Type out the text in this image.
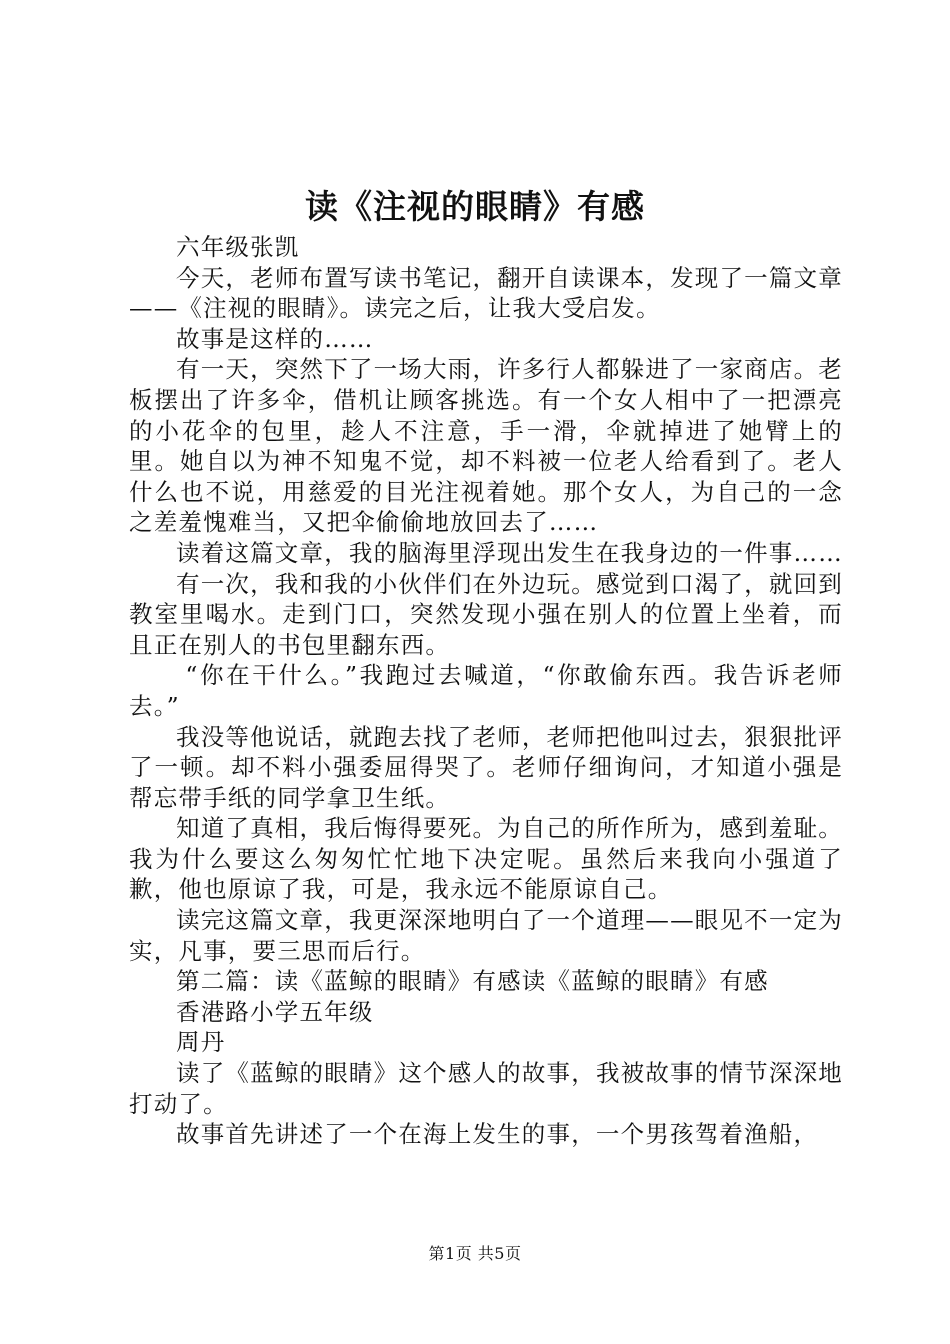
读《注视的眼睛》有感

六年级张凯

今天，老师布置写读书笔记，翻开自读课本，发现了一篇文章——《注视的眼睛》。读完之后，让我大受启发。

故事是这样的……

有一天，突然下了一场大雨，许多行人都躲进了一家商店。老板摆出了许多伞，借机让顾客挑选。有一个女人相中了一把漂亮的小花伞的包里，趁人不注意，手一滑，伞就掉进了她臂上的里。她自以为神不知鬼不觉，却不料被一位老人给看到了。老人什么也不说，用慈爱的目光注视着她。那个女人，为自己的一念之差羞愧难当，又把伞偷偷地放回去了……

读着这篇文章，我的脑海里浮现出发生在我身边的一件事……

有一次，我和我的小伙伴们在外边玩。感觉到口渴了，就回到教室里喝水。走到门口，突然发现小强在别人的位置上坐着，而且正在别人的书包里翻东西。

“你在干什么。”我跑过去喊道，“你敢偷东西。我告诉老师去。”

我没等他说话，就跑去找了老师，老师把他叫过去，狠狠批评了一顿。却不料小强委屈得哭了。老师仔细询问，才知道小强是帮忘带手纸的同学拿卫生纸。

知道了真相，我后悔得要死。为自己的所作所为，感到羞耻。我为什么要这么匆匆忙忙地下决定呢。虽然后来我向小强道了歉，他也原谅了我，可是，我永远不能原谅自己。

读完这篇文章，我更深深地明白了一个道理——眼见不一定为实，凡事，要三思而后行。

第二篇：读《蓝鲸的眼睛》有感读《蓝鲸的眼睛》有感

香港路小学五年级

周丹

读了《蓝鲸的眼睛》这个感人的故事，我被故事的情节深深地打动了。

故事首先讲述了一个在海上发生的事，一个男孩驾着渔船，

第1页 共5页
